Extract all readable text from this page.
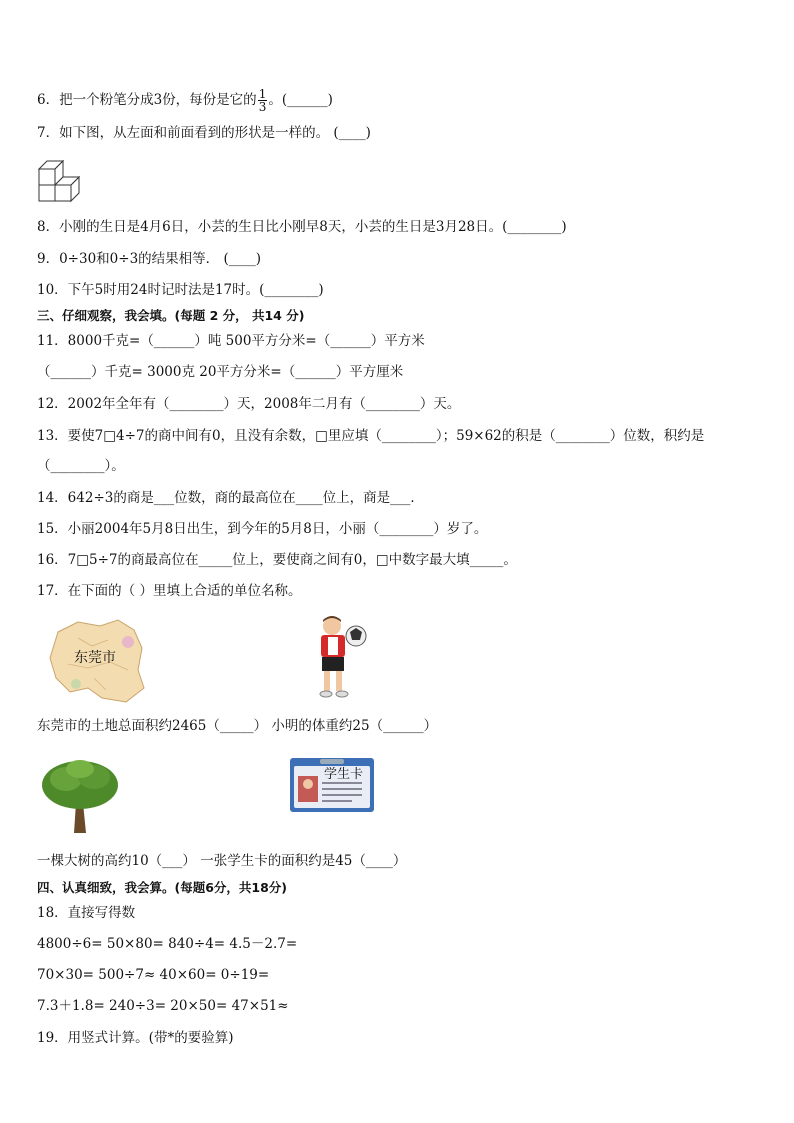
6．把一个粉笔分成3份，每份是它的 $\frac{1}{3}$ 。(______)
7．如下图，从左面和前面看到的形状是一样的。 (____)
8．小刚的生日是4月6日，小芸的生日比小刚早8天，小芸的生日是3月28日。(________)
9．0÷30和0÷3的结果相等． (____)
10．下午5时用24时记时法是17时。(________)
三、仔细观察，我会填。(每题 2 分， 共14 分)
11．8000千克=（______）吨 500平方分米=（______）平方米
（______）千克= 3000克 20平方分米=（______）平方厘米
12．2002年全年有（________）天，2008年二月有（________）天。
13．要使7□4÷7的商中间有0，且没有余数，□里应填（________）；59×62的积是（________）位数，积约是
（________）。
14．642÷3的商是___位数，商的最高位在____位上，商是___．
15．小丽2004年5月8日出生，到今年的5月8日，小丽（________）岁了。
16．7□5÷7的商最高位在_____位上，要使商之间有0，□中数字最大填_____。
17．在下面的（ ）里填上合适的单位名称。
东莞市
东莞市的土地总面积约2465（_____） 小明的体重约25（______）
学生卡
一棵大树的高约10（___） 一张学生卡的面积约是45（____）
四、认真细致，我会算。(每题6分，共18分)
18．直接写得数
4800÷6= 50×80= 840÷4= 4.5－2.7=
70×30= 500÷7≈ 40×60= 0÷19=
7.3＋1.8= 240÷3= 20×50= 47×51≈
19．用竖式计算。(带*的要验算)
